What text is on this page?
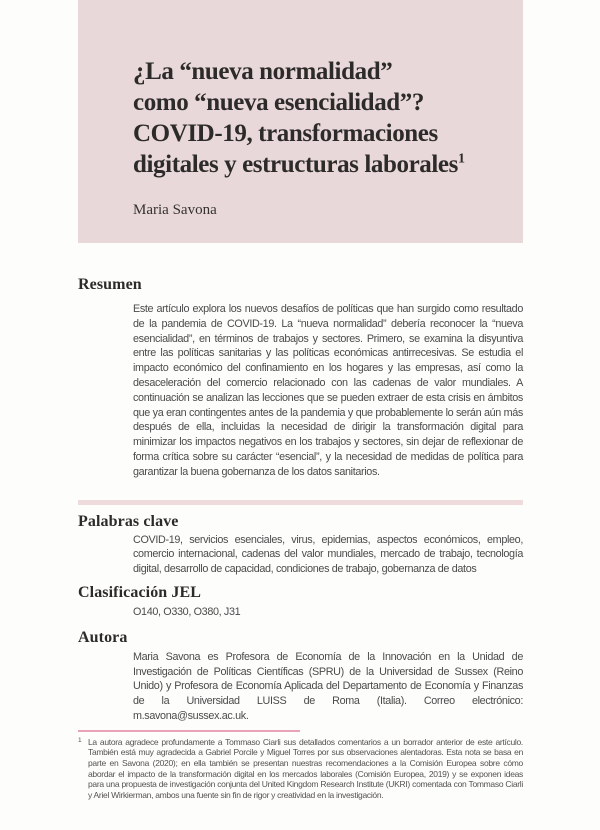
¿La “nueva normalidad”
como “nueva esencialidad”?
COVID-19, transformaciones
digitales y estructuras laborales$^1$
Maria Savona
Resumen

Este artículo explora los nuevos desafíos de políticas que han surgido como resultado de la pandemia de COVID-19. La “nueva normalidad” debería reconocer la “nueva esencialidad”, en términos de trabajos y sectores. Primero, se examina la disyuntiva entre las políticas sanitarias y las políticas económicas antirrecesivas. Se estudia el impacto económico del confinamiento en los hogares y las empresas, así como la desaceleración del comercio relacionado con las cadenas de valor mundiales. A continuación se analizan las lecciones que se pueden extraer de esta crisis en ámbitos que ya eran contingentes antes de la pandemia y que probablemente lo serán aún más después de ella, incluidas la necesidad de dirigir la transformación digital para minimizar los impactos negativos en los trabajos y sectores, sin dejar de reflexionar de forma crítica sobre su carácter “esencial”, y la necesidad de medidas de política para garantizar la buena gobernanza de los datos sanitarios.

Palabras clave

COVID-19, servicios esenciales, virus, epidemias, aspectos económicos, empleo, comercio internacional, cadenas del valor mundiales, mercado de trabajo, tecnología digital, desarrollo de capacidad, condiciones de trabajo, gobernanza de datos

Clasificación JEL

O140, O330, O380, J31

Autora

Maria Savona es Profesora de Economía de la Innovación en la Unidad de Investigación de Políticas Científicas (SPRU) de la Universidad de Sussex (Reino Unido) y Profesora de Economía Aplicada del Departamento de Economía y Finanzas de la Universidad LUISS de Roma (Italia). Correo electrónico: m.savona@sussex.ac.uk.

1 La autora agradece profundamente a Tommaso Ciarli sus detallados comentarios a un borrador anterior de este artículo. También está muy agradecida a Gabriel Porcile y Miguel Torres por sus observaciones alentadoras. Esta nota se basa en parte en Savona (2020); en ella también se presentan nuestras recomendaciones a la Comisión Europea sobre cómo abordar el impacto de la transformación digital en los mercados laborales (Comisión Europea, 2019) y se exponen ideas para una propuesta de investigación conjunta del United Kingdom Research Institute (UKRI) comentada con Tommaso Ciarli y Ariel Wirkierman, ambos una fuente sin fin de rigor y creatividad en la investigación.
